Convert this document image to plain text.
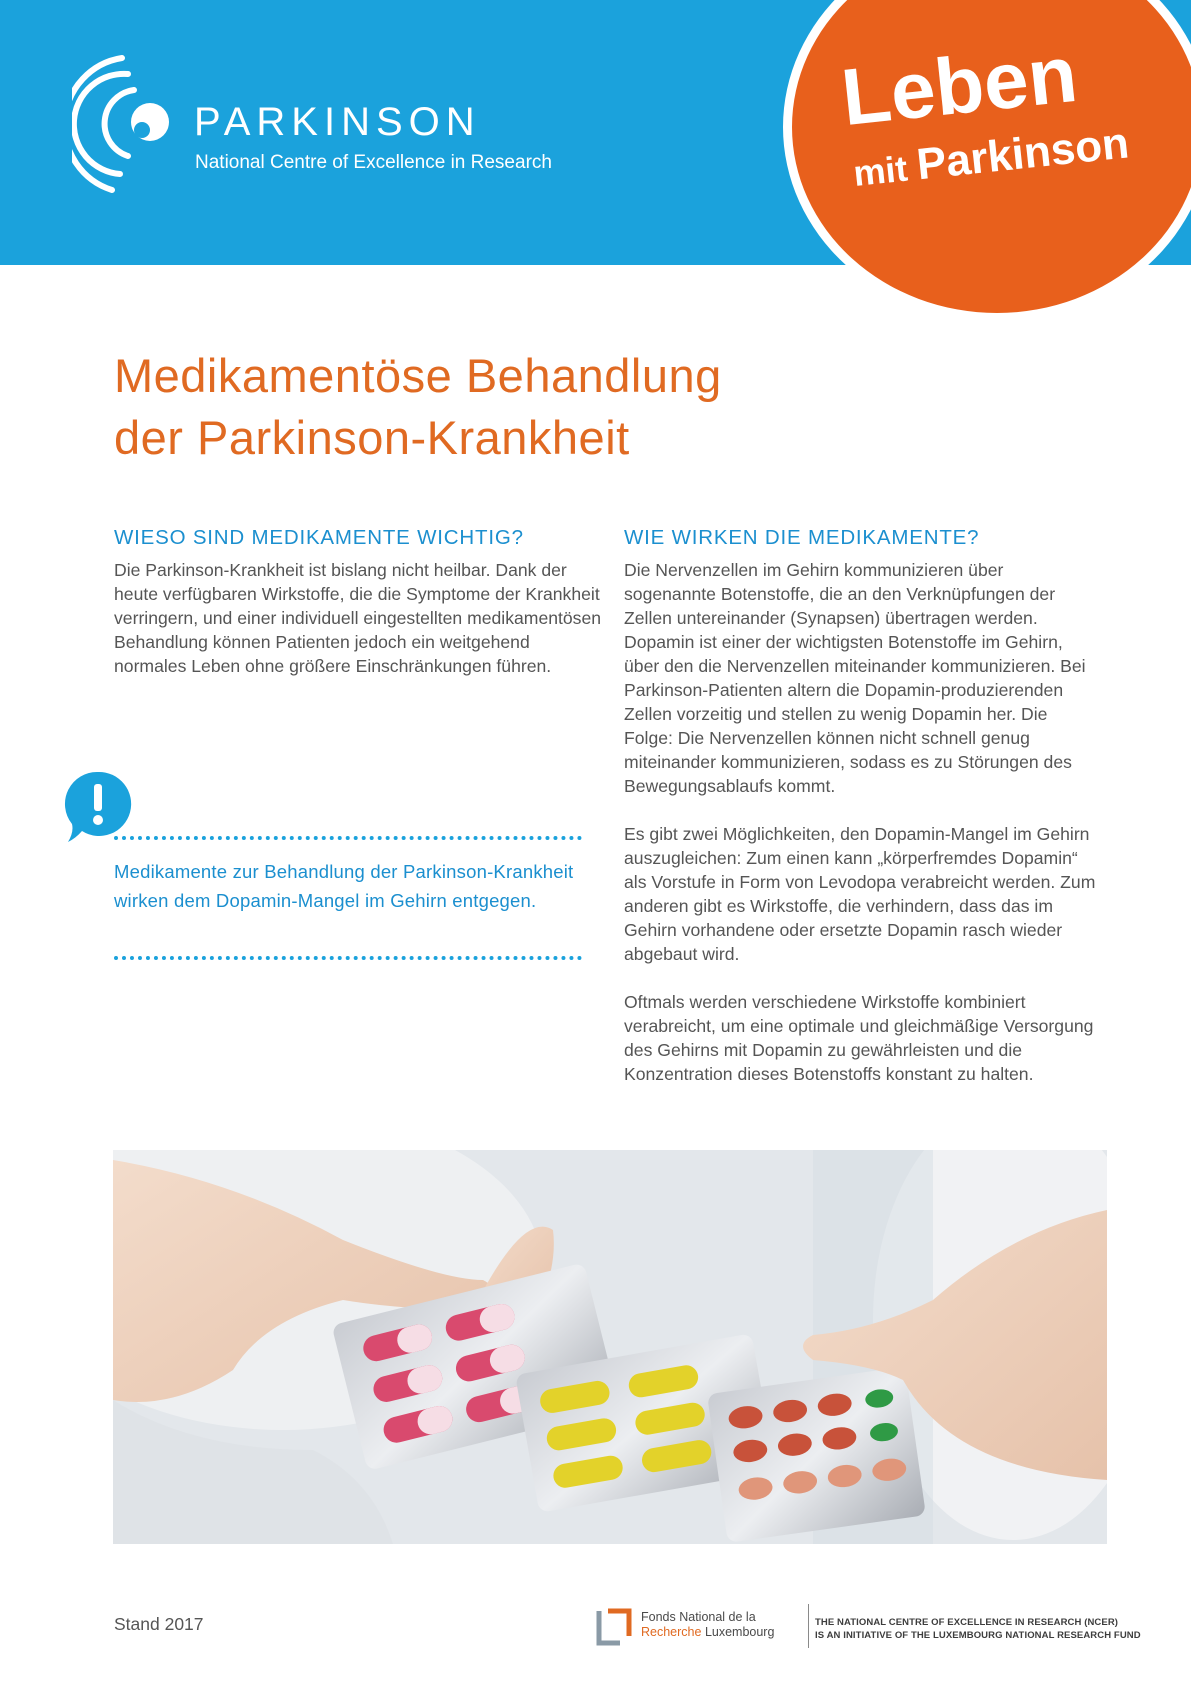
PARKINSON
National Centre of Excellence in Research
Leben
mit Parkinson
Medikamentöse Behandlung
der Parkinson-Krankheit
WIESO SIND MEDIKAMENTE WICHTIG?

Die Parkinson-Krankheit ist bislang nicht heilbar. Dank der heute verfügbaren Wirkstoffe, die die Symptome der Krankheit verringern, und einer individuell eingestellten medikamentösen Behandlung können Patienten jedoch ein weitgehend normales Leben ohne größere Einschränkungen führen.

Medikamente zur Behandlung der Parkinson-Krankheit wirken dem Dopamin-Mangel im Gehirn entgegen.

WIE WIRKEN DIE MEDIKAMENTE?

Die Nervenzellen im Gehirn kommunizieren über sogenannte Botenstoffe, die an den Verknüpfungen der Zellen untereinander (Synapsen) übertragen werden. Dopamin ist einer der wichtigsten Botenstoffe im Gehirn, über den die Nervenzellen miteinander kommunizieren. Bei Parkinson-Patienten altern die Dopamin-produzierenden Zellen vorzeitig und stellen zu wenig Dopamin her. Die Folge: Die Nervenzellen können nicht schnell genug miteinander kommunizieren, sodass es zu Störungen des Bewegungsablaufs kommt.

Es gibt zwei Möglichkeiten, den Dopamin-Mangel im Gehirn auszugleichen: Zum einen kann „körperfremdes Dopamin“ als Vorstufe in Form von Levodopa verabreicht werden. Zum anderen gibt es Wirkstoffe, die verhindern, dass das im Gehirn vorhandene oder ersetzte Dopamin rasch wieder abgebaut wird.

Oftmals werden verschiedene Wirkstoffe kombiniert verabreicht, um eine optimale und gleichmäßige Versorgung des Gehirns mit Dopamin zu gewährleisten und die Konzentration dieses Botenstoffs konstant zu halten.

Stand 2017	Fonds National de la
Recherche Luxembourg
THE NATIONAL CENTRE OF EXCELLENCE IN RESEARCH (NCER)
IS AN INITIATIVE OF THE LUXEMBOURG NATIONAL RESEARCH FUND
